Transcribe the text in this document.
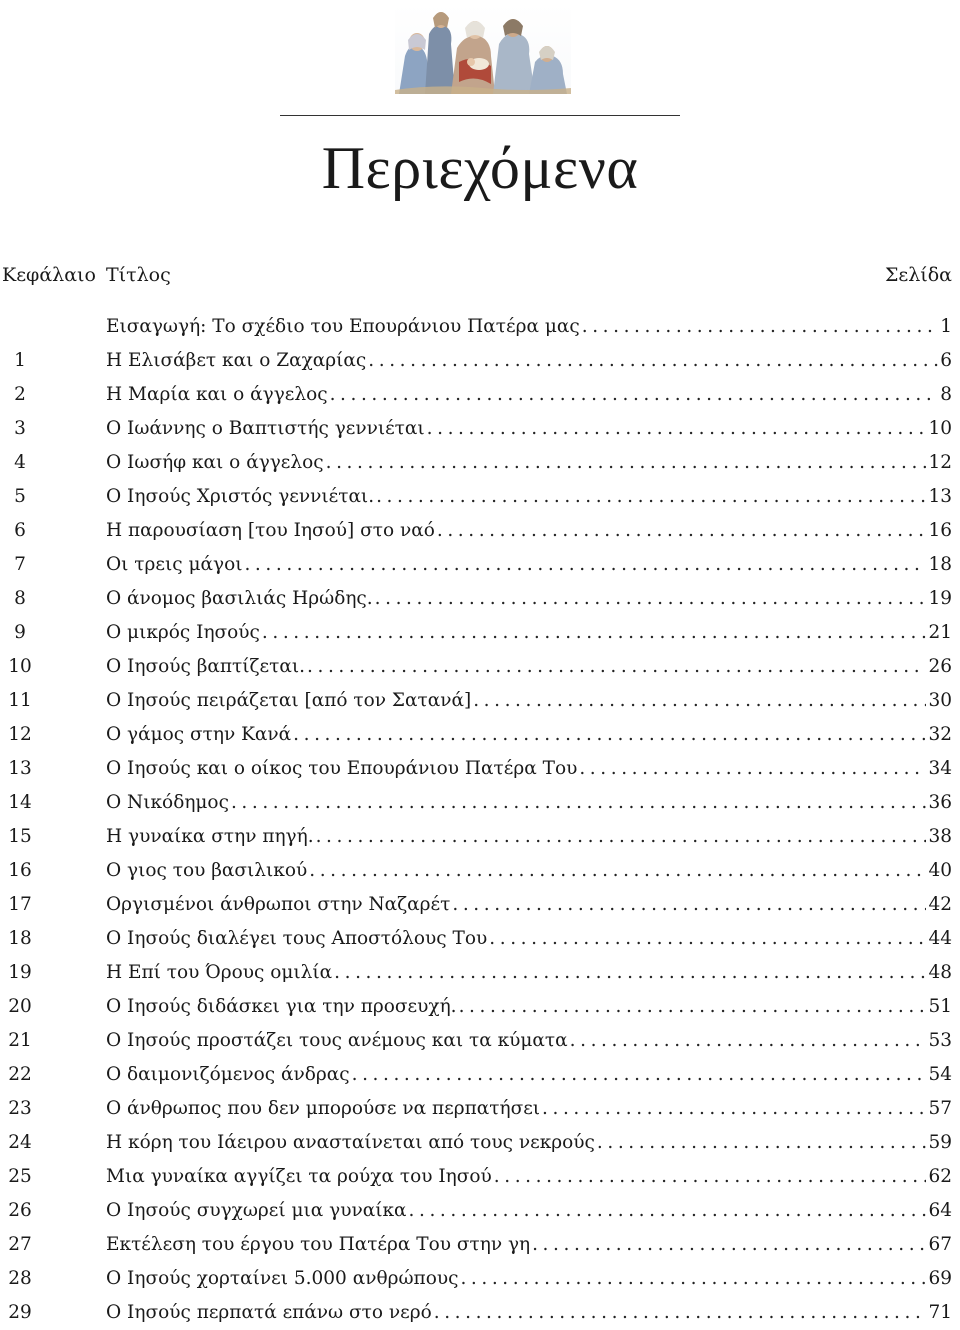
Περιεχόμενα
Κεφάλαιο Τίτλος	Σελίδα
Εισαγωγή: Το σχέδιο του Επουράνιου Πατέρα μας . . .	1
1	Η Ελισάβετ και ο Ζαχαρίας . . .	6
2	Η Μαρία και ο άγγελος . . .	8
3	Ο Ιωάννης ο Βαπτιστής γεννιέται . . .	10
4	Ο Ιωσήφ και ο άγγελος . . .	12
5	Ο Ιησούς Χριστός γεννιέται. . . .	13
6	Η παρουσίαση [του Ιησού] στο ναό . . .	16
7	Οι τρεις μάγοι . . .	18
8	Ο άνομος βασιλιάς Ηρώδης. . . .	19
9	Ο μικρός Ιησούς . . .	21
10	Ο Ιησούς βαπτίζεται. . . .	26
11	Ο Ιησούς πειράζεται [από τον Σατανά] . . .	30
12	Ο γάμος στην Κανά . . .	32
13	Ο Ιησούς και ο οίκος του Επουράνιου Πατέρα Του . . .	34
14	Ο Νικόδημος . . .	36
15	Η γυναίκα στην πηγή. . . .	38
16	Ο γιος του βασιλικού . . .	40
17	Οργισμένοι άνθρωποι στην Ναζαρέτ . . .	42
18	Ο Ιησούς διαλέγει τους Αποστόλους Του . . .	44
19	Η Επί του Όρους ομιλία . . .	48
20	Ο Ιησούς διδάσκει για την προσευχή. . . .	51
21	Ο Ιησούς προστάζει τους ανέμους και τα κύματα . . .	53
22	Ο δαιμονιζόμενος άνδρας . . .	54
23	Ο άνθρωπος που δεν μπορούσε να περπατήσει . . .	57
24	Η κόρη του Ιάειρου ανασταίνεται από τους νεκρούς . . .	59
25	Μια γυναίκα αγγίζει τα ρούχα του Ιησού . . .	62
26	Ο Ιησούς συγχωρεί μια γυναίκα . . .	64
27	Εκτέλεση του έργου του Πατέρα Του στην γη . . .	67
28	Ο Ιησούς χορταίνει 5.000 ανθρώπους . . .	69
29	Ο Ιησούς περπατά επάνω στο νερό . . .	71
